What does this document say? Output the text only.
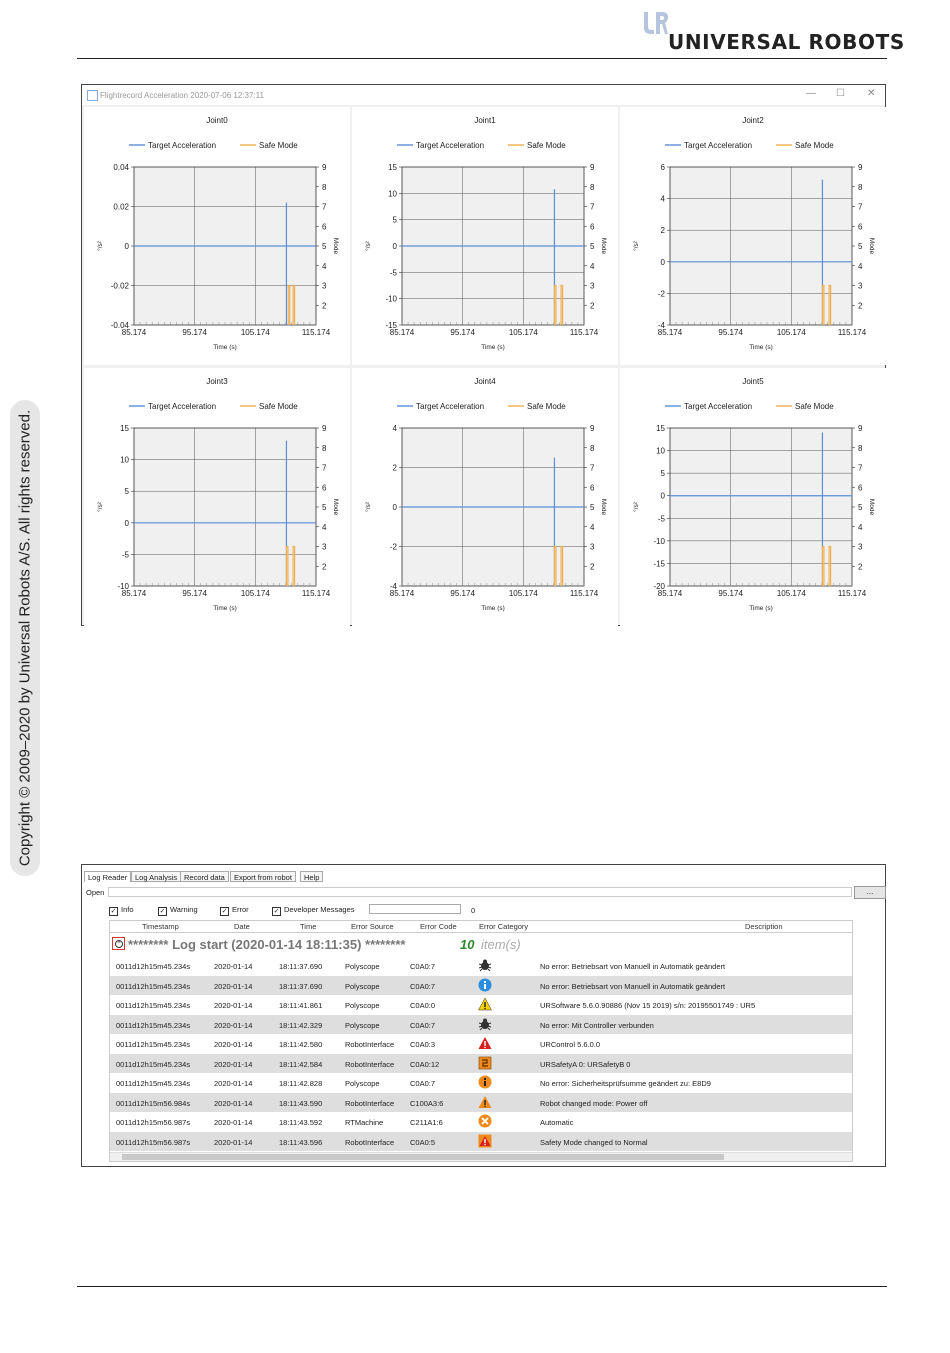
UNIVERSAL ROBOTS
Copyright © 2009–2020 by Universal Robots A/S. All rights reserved.
Flightrecord Acceleration 2020-07-06 12:37:11	— ☐ ✕
Joint0
Target Acceleration	Safe Mode
85.174	95.174	105.174	115.174
0.04
0.02
0
-0.02
-0.04
9
8
7
6
5
4
3
2
Time (s)
°/s²	Mode
Joint1
Target Acceleration	Safe Mode
85.174	95.174	105.174	115.174
15
10
5
0
-5
-10
-15
9
8
7
6
5
4
3
2
Time (s)
°/s²	Mode
Joint2
Target Acceleration	Safe Mode
85.174	95.174	105.174	115.174
6
4
2
0
-2
-4
9
8
7
6
5
4
3
2
Time (s)
°/s²	Mode
Joint3
Target Acceleration	Safe Mode
85.174	95.174	105.174	115.174
15
10
5
0
-5
-10
9
8
7
6
5
4
3
2
Time (s)
°/s²	Mode
Joint4
Target Acceleration	Safe Mode
85.174	95.174	105.174	115.174
4
2
0
-2
-4
9
8
7
6
5
4
3
2
Time (s)
°/s²	Mode
Joint5
Target Acceleration	Safe Mode
85.174	95.174	105.174	115.174
15
10
5
0
-5
-10
-15
-20
9
8
7
6
5
4
3
2
Time (s)
°/s²	Mode
Log Reader	Log Analysis Record data	Export from robot	Help
Open	...
✓ Info	✓ Warning	✓ Error	✓ Developer Messages	0
Timestamp	Date	Time	Error Source	Error Code	Error Category	Description
^ ******** Log start (2020-01-14 18:11:35) ********	10 item(s)
0011d12h15m45.234s	2020-01-14	18:11:37.690	Polyscope	C0A0:7	No error: Betriebsart von Manuell in Automatik geändert
0011d12h15m45.234s	2020-01-14	18:11:37.690	Polyscope	C0A0:7	No error: Betriebsart von Manuell in Automatik geändert
0011d12h15m45.234s	2020-01-14	18:11:41.861	Polyscope	C0A0:0	URSoftware 5.6.0.90886 (Nov 15 2019) s/n: 20195501749 : UR5
0011d12h15m45.234s	2020-01-14	18:11:42.329	Polyscope	C0A0:7	No error: Mit Controller verbunden
0011d12h15m45.234s	2020-01-14	18:11:42.580	RobotInterface C0A0:3	URControl 5.6.0.0
0011d12h15m45.234s	2020-01-14	18:11:42.584	RobotInterface C0A0:12	URSafetyA 0: URSafetyB 0
0011d12h15m45.234s	2020-01-14	18:11:42.828	Polyscope	C0A0:7	No error: Sicherheitsprüfsumme geändert zu: E8D9
0011d12h15m56.984s	2020-01-14	18:11:43.590	RobotInterface C100A3:6	Robot changed mode: Power off
0011d12h15m56.987s	2020-01-14	18:11:43.592	RTMachine	C211A1:6	Automatic
0011d12h15m56.987s	2020-01-14	18:11:43.596	RobotInterface C0A0:5	Safety Mode changed to Normal
